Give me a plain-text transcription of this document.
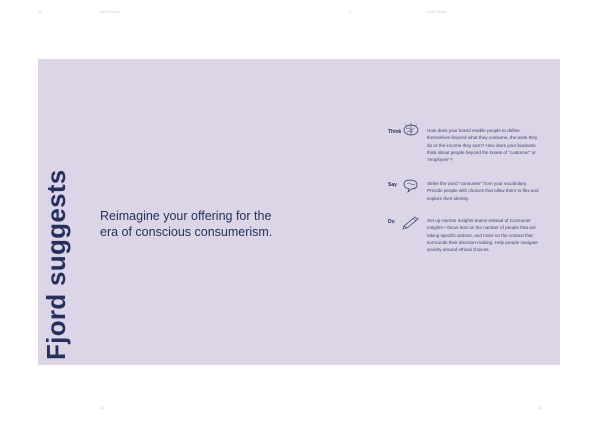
10	Fjord Trends	11	Fjord Trends
Fjord suggests Reimagine your offering for the era of conscious consumerism.
Think	How does your brand enable people to define themselves beyond what they consume, the work they do or the income they earn? How does your business think about people beyond the boxes of “customer” or “employee”?
Say	Strike the word “consumer” from your vocabulary. Provide people with choices that allow them to flex and explore their identity.
Do	Set up Human Insights teams instead of Consumer Insights—focus less on the number of people that are taking specific actions, and more on the context that surrounds their decision-making. Help people navigate anxiety around ethical choices.
01	01
